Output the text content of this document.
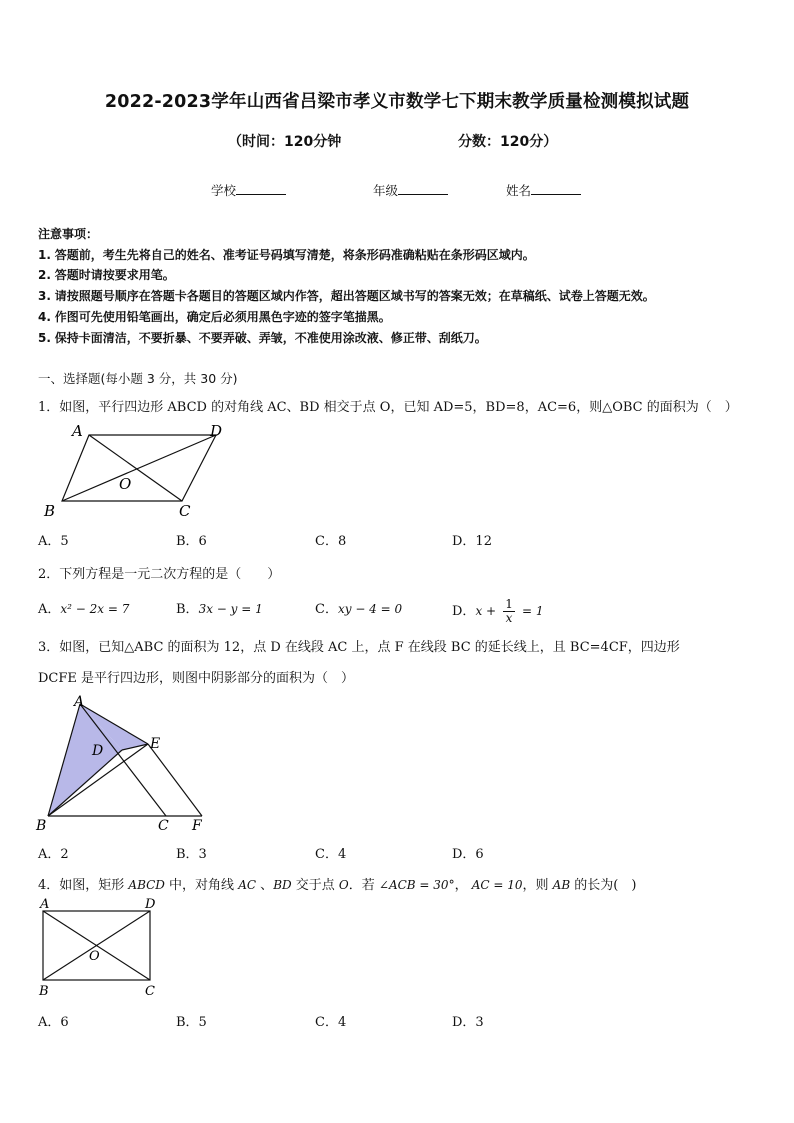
2022-2023学年山西省吕梁市孝义市数学七下期末教学质量检测模拟试题
（时间：120分钟	分数：120分）
学校	年级	姓名
注意事项：
1. 答题前，考生先将自己的姓名、准考证号码填写清楚，将条形码准确粘贴在条形码区域内。
2. 答题时请按要求用笔。
3. 请按照题号顺序在答题卡各题目的答题区域内作答，超出答题区域书写的答案无效；在草稿纸、试卷上答题无效。
4. 作图可先使用铅笔画出，确定后必须用黑色字迹的签字笔描黑。
5. 保持卡面清洁，不要折暴、不要弄破、弄皱，不准使用涂改液、修正带、刮纸刀。
一、选择题(每小题 3 分，共 30 分)
1．如图，平行四边形 ABCD 的对角线 AC、BD 相交于点 O，已知 AD=5，BD=8，AC=6，则△OBC 的面积为（　）
A	D
B	C
O
A．5	B．6	C．8	D．12
2．下列方程是一元二次方程的是（　　）
A．x² − 2x = 7	B．3x − y = 1	C．xy − 4 = 0	D．$x + \frac{1}{x} = 1$
3．如图，已知△ABC 的面积为 12，点 D 在线段 AC 上，点 F 在线段 BC 的延长线上，且 BC=4CF，四边形
DCFE 是平行四边形，则图中阴影部分的面积为（　）
A
D	E
B	C F
A．2	B．3	C．4	D．6
4．如图，矩形 ABCD 中，对角线 AC 、BD 交于点 O．若 ∠ACB = 30°， AC = 10，则 AB 的长为(　)
A	D
B	C
O
A．6	B．5	C．4	D．3
